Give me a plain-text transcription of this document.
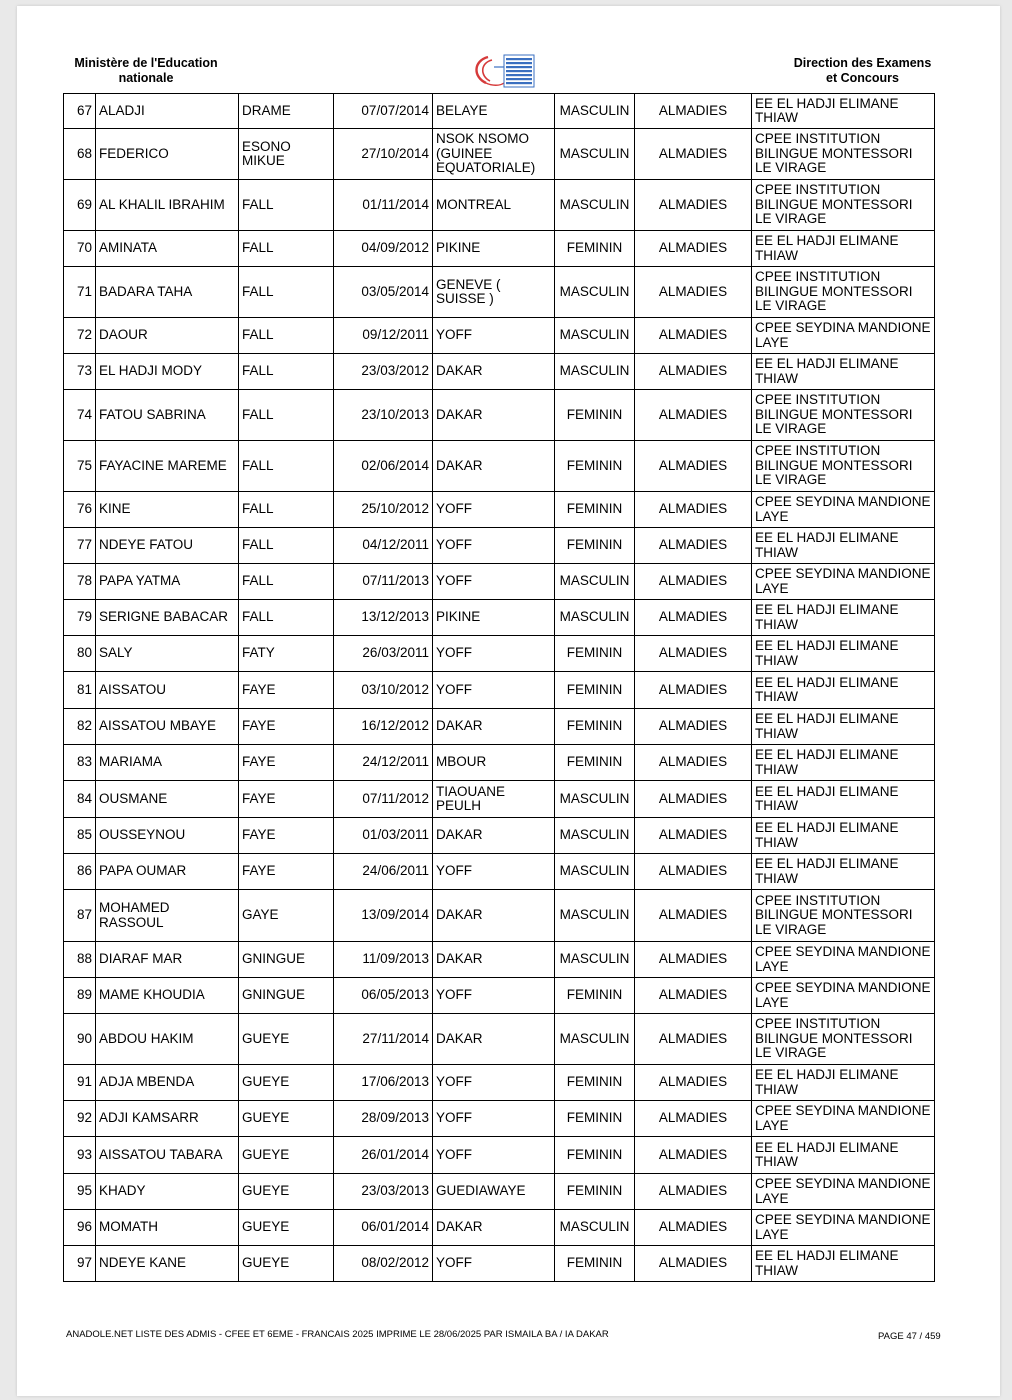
Ministère de l'Education
nationale
Direction des Examens
et Concours
67	ALADJI	DRAME	07/07/2014	BELAYE	MASCULIN	ALMADIES	EE EL HADJI ELIMANE THIAW
68	FEDERICO	ESONO MIKUE	27/10/2014	NSOK NSOMO (GUINEE EQUATORIALE)	MASCULIN	ALMADIES	CPEE INSTITUTION BILINGUE MONTESSORI LE VIRAGE
69	AL KHALIL IBRAHIM	FALL	01/11/2014	MONTREAL	MASCULIN	ALMADIES	CPEE INSTITUTION BILINGUE MONTESSORI LE VIRAGE
70	AMINATA	FALL	04/09/2012	PIKINE	FEMININ	ALMADIES	EE EL HADJI ELIMANE THIAW
71	BADARA TAHA	FALL	03/05/2014	GENEVE ( SUISSE )	MASCULIN	ALMADIES	CPEE INSTITUTION BILINGUE MONTESSORI LE VIRAGE
72	DAOUR	FALL	09/12/2011	YOFF	MASCULIN	ALMADIES	CPEE SEYDINA MANDIONE LAYE
73	EL HADJI MODY	FALL	23/03/2012	DAKAR	MASCULIN	ALMADIES	EE EL HADJI ELIMANE THIAW
74	FATOU SABRINA	FALL	23/10/2013	DAKAR	FEMININ	ALMADIES	CPEE INSTITUTION BILINGUE MONTESSORI LE VIRAGE
75	FAYACINE MAREME	FALL	02/06/2014	DAKAR	FEMININ	ALMADIES	CPEE INSTITUTION BILINGUE MONTESSORI LE VIRAGE
76	KINE	FALL	25/10/2012	YOFF	FEMININ	ALMADIES	CPEE SEYDINA MANDIONE LAYE
77	NDEYE FATOU	FALL	04/12/2011	YOFF	FEMININ	ALMADIES	EE EL HADJI ELIMANE THIAW
78	PAPA YATMA	FALL	07/11/2013	YOFF	MASCULIN	ALMADIES	CPEE SEYDINA MANDIONE LAYE
79	SERIGNE BABACAR	FALL	13/12/2013	PIKINE	MASCULIN	ALMADIES	EE EL HADJI ELIMANE THIAW
80	SALY	FATY	26/03/2011	YOFF	FEMININ	ALMADIES	EE EL HADJI ELIMANE THIAW
81	AISSATOU	FAYE	03/10/2012	YOFF	FEMININ	ALMADIES	EE EL HADJI ELIMANE THIAW
82	AISSATOU MBAYE	FAYE	16/12/2012	DAKAR	FEMININ	ALMADIES	EE EL HADJI ELIMANE THIAW
83	MARIAMA	FAYE	24/12/2011	MBOUR	FEMININ	ALMADIES	EE EL HADJI ELIMANE THIAW
84	OUSMANE	FAYE	07/11/2012	TIAOUANE PEULH	MASCULIN	ALMADIES	EE EL HADJI ELIMANE THIAW
85	OUSSEYNOU	FAYE	01/03/2011	DAKAR	MASCULIN	ALMADIES	EE EL HADJI ELIMANE THIAW
86	PAPA OUMAR	FAYE	24/06/2011	YOFF	MASCULIN	ALMADIES	EE EL HADJI ELIMANE THIAW
87	MOHAMED RASSOUL	GAYE	13/09/2014	DAKAR	MASCULIN	ALMADIES	CPEE INSTITUTION BILINGUE MONTESSORI LE VIRAGE
88	DIARAF MAR	GNINGUE	11/09/2013	DAKAR	MASCULIN	ALMADIES	CPEE SEYDINA MANDIONE LAYE
89	MAME KHOUDIA	GNINGUE	06/05/2013	YOFF	FEMININ	ALMADIES	CPEE SEYDINA MANDIONE LAYE
90	ABDOU HAKIM	GUEYE	27/11/2014	DAKAR	MASCULIN	ALMADIES	CPEE INSTITUTION BILINGUE MONTESSORI LE VIRAGE
91	ADJA MBENDA	GUEYE	17/06/2013	YOFF	FEMININ	ALMADIES	EE EL HADJI ELIMANE THIAW
92	ADJI KAMSARR	GUEYE	28/09/2013	YOFF	FEMININ	ALMADIES	CPEE SEYDINA MANDIONE LAYE
93	AISSATOU TABARA	GUEYE	26/01/2014	YOFF	FEMININ	ALMADIES	EE EL HADJI ELIMANE THIAW
95	KHADY	GUEYE	23/03/2013	GUEDIAWAYE	FEMININ	ALMADIES	CPEE SEYDINA MANDIONE LAYE
96	MOMATH	GUEYE	06/01/2014	DAKAR	MASCULIN	ALMADIES	CPEE SEYDINA MANDIONE LAYE
97	NDEYE KANE	GUEYE	08/02/2012	YOFF	FEMININ	ALMADIES	EE EL HADJI ELIMANE THIAW
ANADOLE.NET LISTE DES ADMIS - CFEE ET 6EME - FRANCAIS 2025 IMPRIME LE 28/06/2025 PAR ISMAILA BA / IA DAKAR	PAGE 47 / 459
